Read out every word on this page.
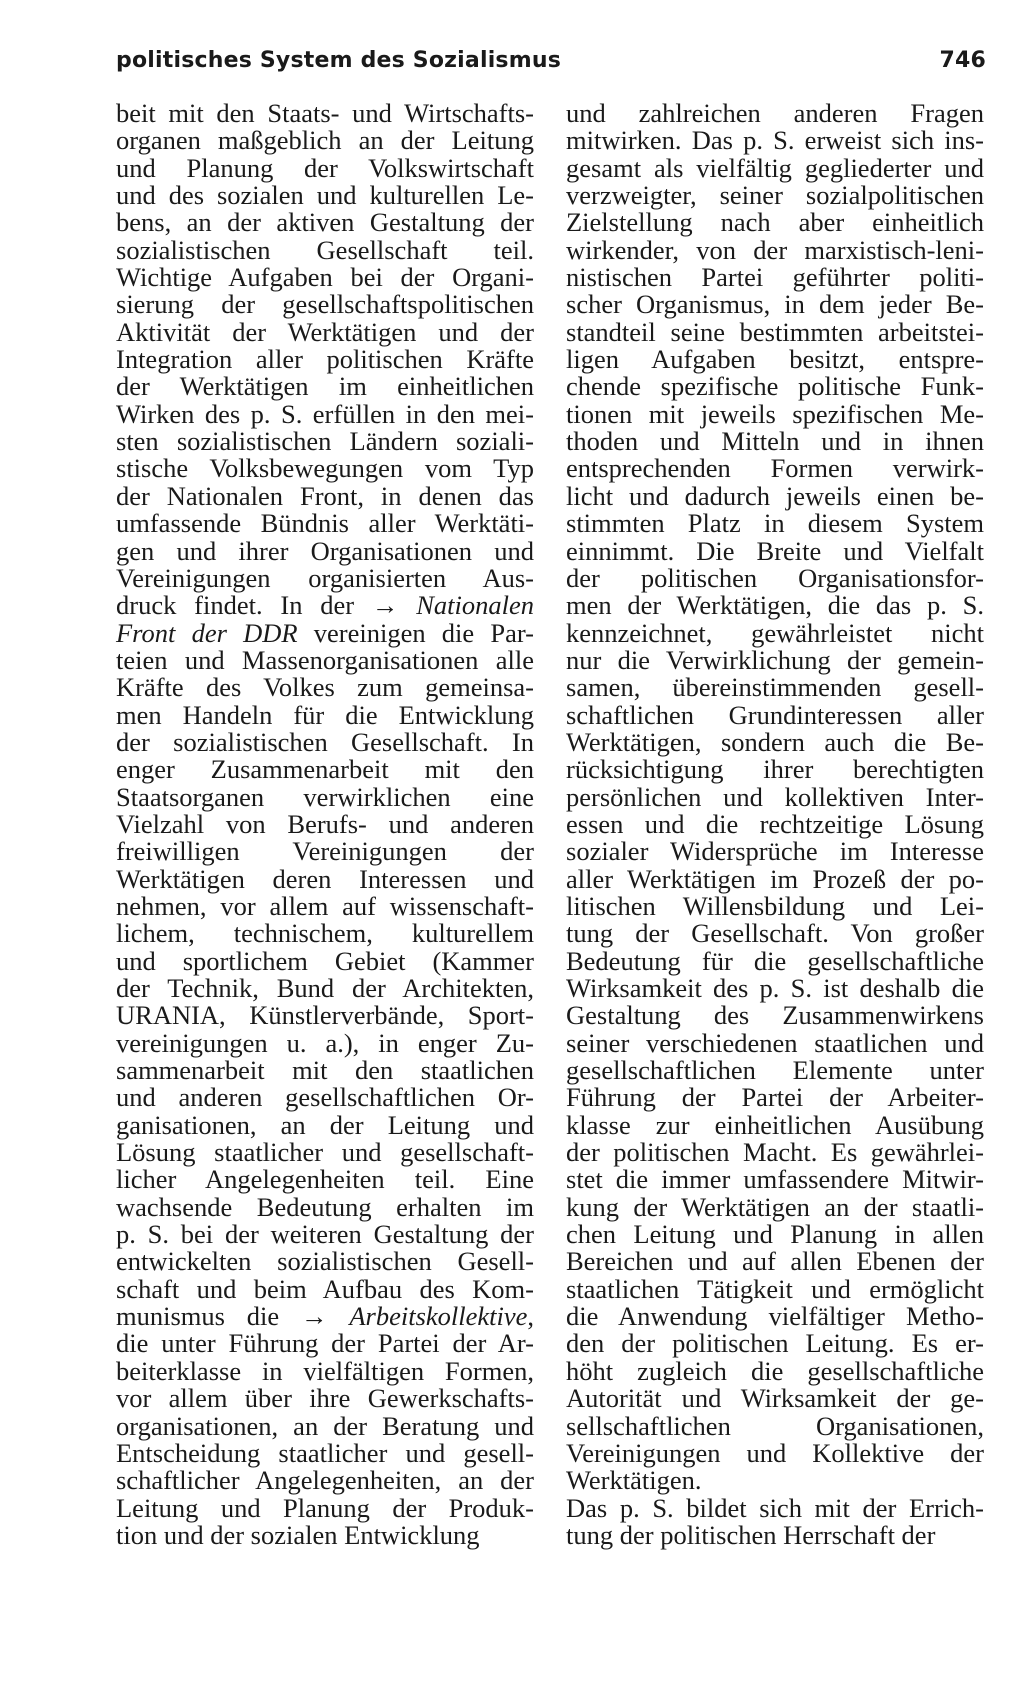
politisches System des Sozialismus	746
beit mit den Staats- und Wirtschafts-
organen maßgeblich an der Leitung
und Planung der Volkswirtschaft
und des sozialen und kulturellen Le-
bens, an der aktiven Gestaltung der
sozialistischen Gesellschaft teil.
Wichtige Aufgaben bei der Organi-
sierung der gesellschaftspolitischen
Aktivität der Werktätigen und der
Integration aller politischen Kräfte
der Werktätigen im einheitlichen
Wirken des p. S. erfüllen in den mei-
sten sozialistischen Ländern soziali-
stische Volksbewegungen vom Typ
der Nationalen Front, in denen das
umfassende Bündnis aller Werktäti-
gen und ihrer Organisationen und
Vereinigungen organisierten Aus-
druck findet. In der → Nationalen
Front der DDR vereinigen die Par-
teien und Massenorganisationen alle
Kräfte des Volkes zum gemeinsa-
men Handeln für die Entwicklung
der sozialistischen Gesellschaft. In
enger Zusammenarbeit mit den
Staatsorganen verwirklichen eine
Vielzahl von Berufs- und anderen
freiwilligen Vereinigungen der
Werktätigen deren Interessen und
nehmen, vor allem auf wissenschaft-
lichem, technischem, kulturellem
und sportlichem Gebiet (Kammer
der Technik, Bund der Architekten,
URANIA, Künstlerverbände, Sport-
vereinigungen u. a.), in enger Zu-
sammenarbeit mit den staatlichen
und anderen gesellschaftlichen Or-
ganisationen, an der Leitung und
Lösung staatlicher und gesellschaft-
licher Angelegenheiten teil. Eine
wachsende Bedeutung erhalten im
p. S. bei der weiteren Gestaltung der
entwickelten sozialistischen Gesell-
schaft und beim Aufbau des Kom-
munismus die → Arbeitskollektive,
die unter Führung der Partei der Ar-
beiterklasse in vielfältigen Formen,
vor allem über ihre Gewerkschafts-
organisationen, an der Beratung und
Entscheidung staatlicher und gesell-
schaftlicher Angelegenheiten, an der
Leitung und Planung der Produk-
tion und der sozialen Entwicklung
und zahlreichen anderen Fragen
mitwirken. Das p. S. erweist sich ins-
gesamt als vielfältig gegliederter und
verzweigter, seiner sozialpolitischen
Zielstellung nach aber einheitlich
wirkender, von der marxistisch-leni-
nistischen Partei geführter politi-
scher Organismus, in dem jeder Be-
standteil seine bestimmten arbeitstei-
ligen Aufgaben besitzt, entspre-
chende spezifische politische Funk-
tionen mit jeweils spezifischen Me-
thoden und Mitteln und in ihnen
entsprechenden Formen verwirk-
licht und dadurch jeweils einen be-
stimmten Platz in diesem System
einnimmt. Die Breite und Vielfalt
der politischen Organisationsfor-
men der Werktätigen, die das p. S.
kennzeichnet, gewährleistet nicht
nur die Verwirklichung der gemein-
samen, übereinstimmenden gesell-
schaftlichen Grundinteressen aller
Werktätigen, sondern auch die Be-
rücksichtigung ihrer berechtigten
persönlichen und kollektiven Inter-
essen und die rechtzeitige Lösung
sozialer Widersprüche im Interesse
aller Werktätigen im Prozeß der po-
litischen Willensbildung und Lei-
tung der Gesellschaft. Von großer
Bedeutung für die gesellschaftliche
Wirksamkeit des p. S. ist deshalb die
Gestaltung des Zusammenwirkens
seiner verschiedenen staatlichen und
gesellschaftlichen Elemente unter
Führung der Partei der Arbeiter-
klasse zur einheitlichen Ausübung
der politischen Macht. Es gewährlei-
stet die immer umfassendere Mitwir-
kung der Werktätigen an der staatli-
chen Leitung und Planung in allen
Bereichen und auf allen Ebenen der
staatlichen Tätigkeit und ermöglicht
die Anwendung vielfältiger Metho-
den der politischen Leitung. Es er-
höht zugleich die gesellschaftliche
Autorität und Wirksamkeit der ge-
sellschaftlichen Organisationen,
Vereinigungen und Kollektive der
Werktätigen.
Das p. S. bildet sich mit der Errich-
tung der politischen Herrschaft der
